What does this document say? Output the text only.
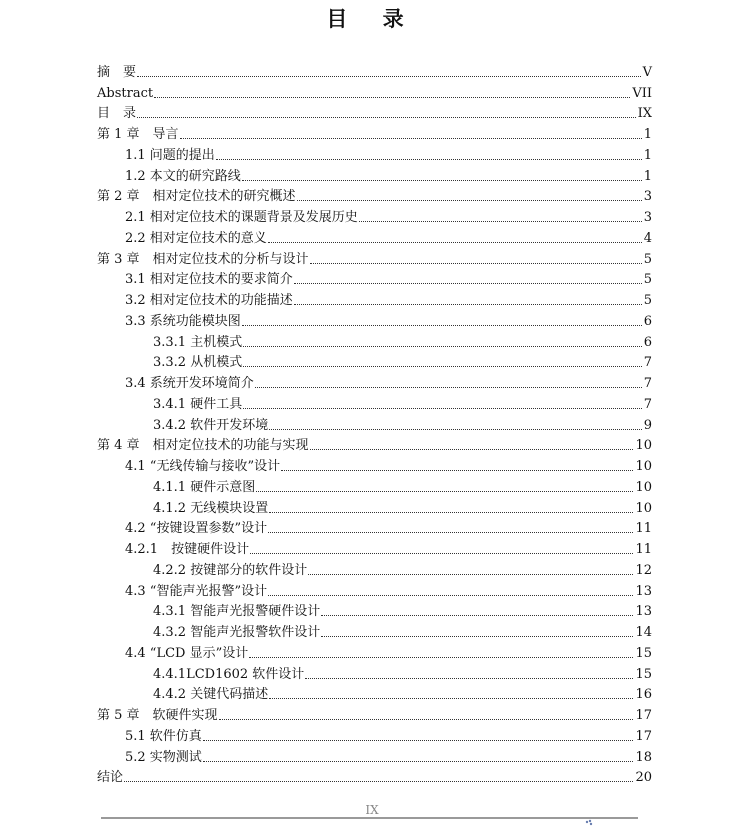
目 录
摘　要	V
Abstract	VII
目　录	IX
第 1 章　导言	1
1.1 问题的提出	1
1.2 本文的研究路线	1
第 2 章　相对定位技术的研究概述	3
2.1 相对定位技术的课题背景及发展历史	3
2.2 相对定位技术的意义	4
第 3 章　相对定位技术的分析与设计	5
3.1 相对定位技术的要求简介	5
3.2 相对定位技术的功能描述	5
3.3 系统功能模块图	6
3.3.1 主机模式	6
3.3.2 从机模式	7
3.4 系统开发环境简介	7
3.4.1 硬件工具	7
3.4.2 软件开发环境	9
第 4 章　相对定位技术的功能与实现	10
4.1 “无线传输与接收”设计	10
4.1.1 硬件示意图	10
4.1.2 无线模块设置	10
4.2 “按键设置参数”设计	11
4.2.1　按键硬件设计	11
4.2.2 按键部分的软件设计	12
4.3 “智能声光报警”设计	13
4.3.1 智能声光报警硬件设计	13
4.3.2 智能声光报警软件设计	14
4.4 “LCD 显示”设计	15
4.4.1LCD1602 软件设计	15
4.4.2 关键代码描述	16
第 5 章　软硬件实现	17
5.1 软件仿真	17
5.2 实物测试	18
结论	20
IX
